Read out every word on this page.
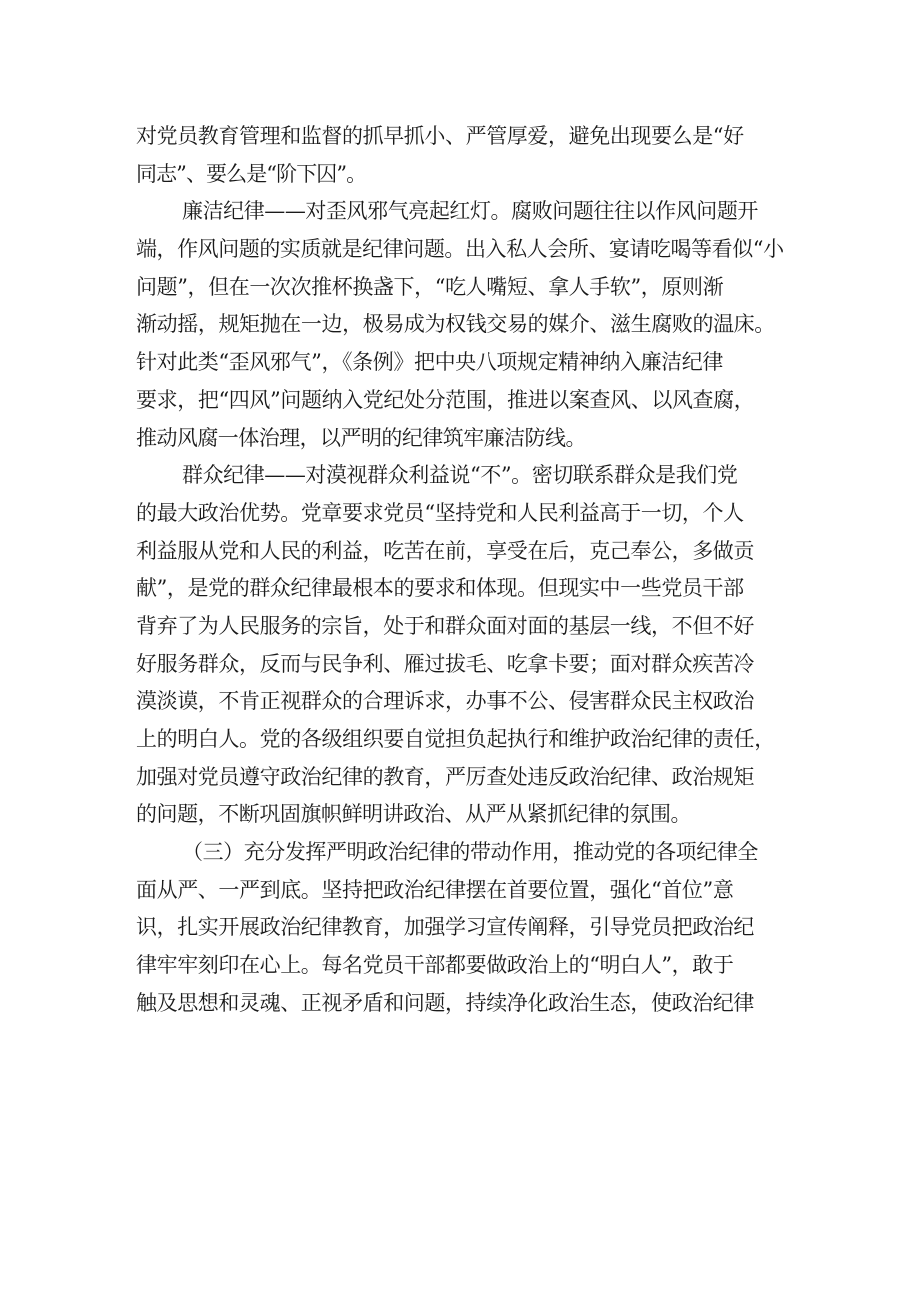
对党员教育管理和监督的抓早抓小、严管厚爱，避免出现要么是“好
同志”、要么是“阶下囚”。
廉洁纪律——对歪风邪气亮起红灯。腐败问题往往以作风问题开
端，作风问题的实质就是纪律问题。出入私人会所、宴请吃喝等看似“小
问题”，但在一次次推杯换盏下，“吃人嘴短、拿人手软”，原则渐
渐动摇，规矩抛在一边，极易成为权钱交易的媒介、滋生腐败的温床。
针对此类“歪风邪气”，《条例》把中央八项规定精神纳入廉洁纪律
要求，把“四风”问题纳入党纪处分范围，推进以案查风、以风查腐，
推动风腐一体治理，以严明的纪律筑牢廉洁防线。
群众纪律——对漠视群众利益说“不”。密切联系群众是我们党
的最大政治优势。党章要求党员“坚持党和人民利益高于一切，个人
利益服从党和人民的利益，吃苦在前，享受在后，克己奉公，多做贡
献”，是党的群众纪律最根本的要求和体现。但现实中一些党员干部
背弃了为人民服务的宗旨，处于和群众面对面的基层一线，不但不好
好服务群众，反而与民争利、雁过拔毛、吃拿卡要；面对群众疾苦冷
漠淡谟，不肯正视群众的合理诉求，办事不公、侵害群众民主权政治
上的明白人。党的各级组织要自觉担负起执行和维护政治纪律的责任，
加强对党员遵守政治纪律的教育，严厉查处违反政治纪律、政治规矩
的问题，不断巩固旗帜鲜明讲政治、从严从紧抓纪律的氛围。
（三）充分发挥严明政治纪律的带动作用，推动党的各项纪律全
面从严、一严到底。坚持把政治纪律摆在首要位置，强化“首位”意
识，扎实开展政治纪律教育，加强学习宣传阐释，引导党员把政治纪
律牢牢刻印在心上。每名党员干部都要做政治上的“明白人”，敢于
触及思想和灵魂、正视矛盾和问题，持续净化政治生态，使政治纪律
